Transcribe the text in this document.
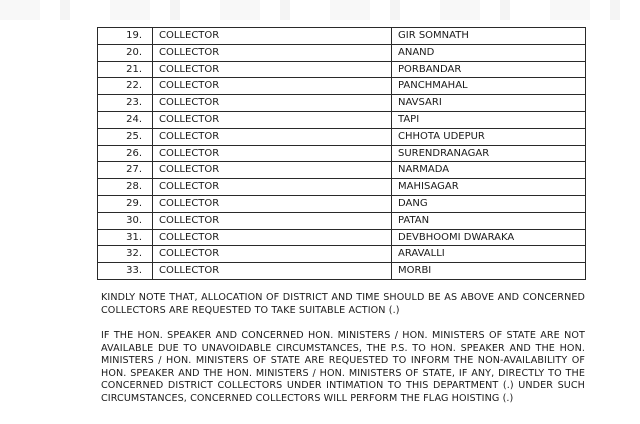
19.	COLLECTOR	GIR SOMNATH
20.	COLLECTOR	ANAND
21.	COLLECTOR	PORBANDAR
22.	COLLECTOR	PANCHMAHAL
23.	COLLECTOR	NAVSARI
24.	COLLECTOR	TAPI
25.	COLLECTOR	CHHOTA UDEPUR
26.	COLLECTOR	SURENDRANAGAR
27.	COLLECTOR	NARMADA
28.	COLLECTOR	MAHISAGAR
29.	COLLECTOR	DANG
30.	COLLECTOR	PATAN
31.	COLLECTOR	DEVBHOOMI DWARAKA
32.	COLLECTOR	ARAVALLI
33.	COLLECTOR	MORBI

KINDLY NOTE THAT, ALLOCATION OF DISTRICT AND TIME SHOULD BE AS ABOVE AND CONCERNED COLLECTORS ARE REQUESTED TO TAKE SUITABLE ACTION (.)

IF THE HON. SPEAKER AND CONCERNED HON. MINISTERS / HON. MINISTERS OF STATE ARE NOT AVAILABLE DUE TO UNAVOIDABLE CIRCUMSTANCES, THE P.S. TO HON. SPEAKER AND THE HON. MINISTERS / HON. MINISTERS OF STATE ARE REQUESTED TO INFORM THE NON-AVAILABILITY OF HON. SPEAKER AND THE HON. MINISTERS / HON. MINISTERS OF STATE, IF ANY, DIRECTLY TO THE CONCERNED DISTRICT COLLECTORS UNDER INTIMATION TO THIS DEPARTMENT (.) UNDER SUCH CIRCUMSTANCES, CONCERNED COLLECTORS WILL PERFORM THE FLAG HOISTING (.)
